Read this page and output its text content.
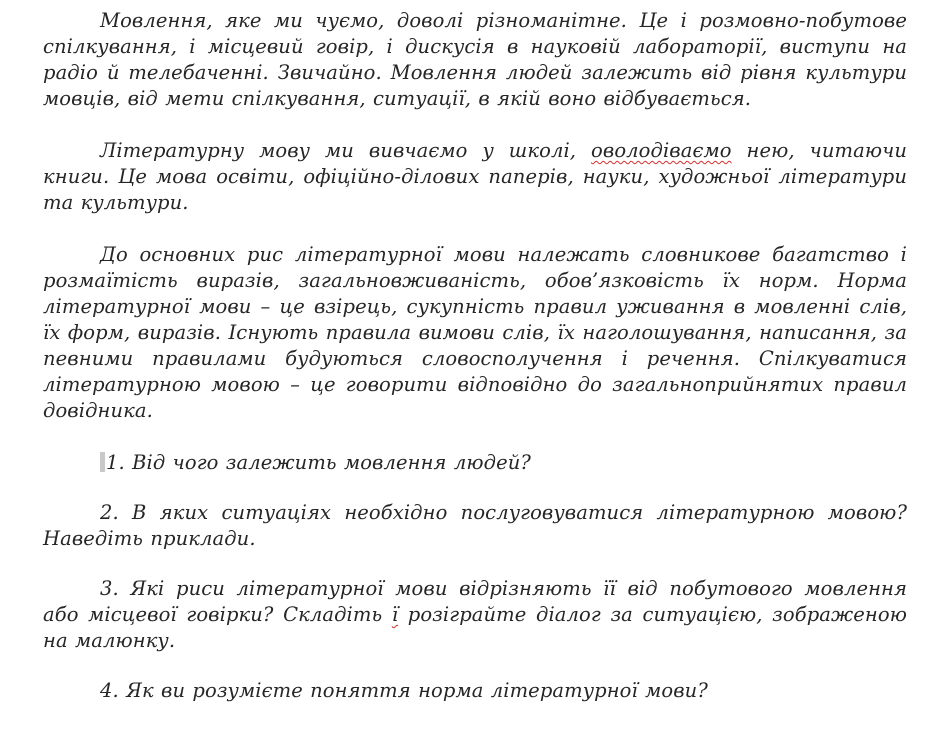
Мовлення, яке ми чуємо, доволі різноманітне. Це і розмовно-побутове спілкування, і місцевий говір, і дискусія в науковій лабораторії, виступи на радіо й телебаченні. Звичайно. Мовлення людей залежить від рівня культури мовців, від мети спілкування, ситуації, в якій воно відбувається.

Літературну мову ми вивчаємо у школі, оволодіваємо нею, читаючи книги. Це мова освіти, офіційно-ділових паперів, науки, художньої літератури та культури.

До основних рис літературної мови належать словникове багатство і розмаїтість виразів, загальновживаність, обов’язковість їх норм. Норма літературної мови – це взірець, сукупність правил уживання в мовленні слів, їх форм, виразів. Існують правила вимови слів, їх наголошування, написання, за певними правилами будуються словосполучення і речення. Спілкуватися літературною мовою – це говорити відповідно до загальноприйнятих правил довідника.

1. Від чого залежить мовлення людей?

2. В яких ситуаціях необхідно послуговуватися літературною мовою? Наведіть приклади.

3. Які риси літературної мови відрізняють її від побутового мовлення або місцевої говірки? Складіть ї розіграйте діалог за ситуацією, зображеною на малюнку.

4. Як ви розумієте поняття норма літературної мови?
